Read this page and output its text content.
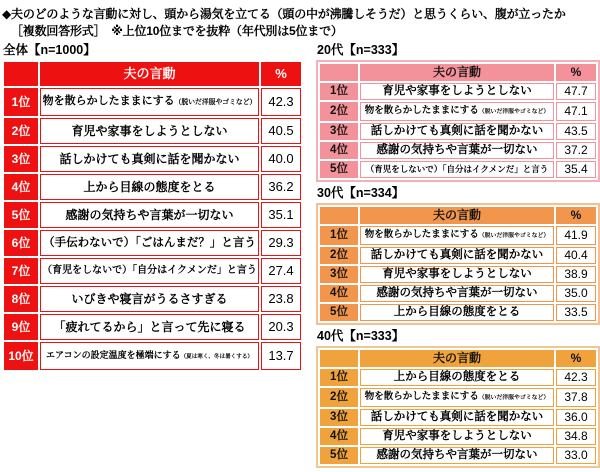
◆夫のどのような言動に対し、頭から湯気を立てる（頭の中が沸騰しそうだ）と思うくらい、腹が立ったか
［複数回答形式］　※上位10位までを抜粋（年代別は5位まで）
全体【n=1000】
	夫の言動	%
1位	物を散らかしたままにする（脱いだ洋服やゴミなど）	42.3
2位	育児や家事をしようとしない	40.5
3位	話しかけても真剣に話を聞かない	40.0
4位	上から目線の態度をとる	36.2
5位	感謝の気持ちや言葉が一切ない	35.1
6位	（手伝わないで）「ごはんまだ？」と言う	29.3
7位	（育児をしないで）「自分はイクメンだ」と言う	27.4
8位	いびきや寝言がうるさすぎる	23.8
9位	「疲れてるから」と言って先に寝る	20.3
10位	エアコンの設定温度を極端にする（夏は寒く、冬は暑くする）	13.7
20代【n=333】
	夫の言動	%
1位	育児や家事をしようとしない	47.7
2位	物を散らかしたままにする（脱いだ洋服やゴミなど）	47.1
3位	話しかけても真剣に話を聞かない	43.5
4位	感謝の気持ちや言葉が一切ない	37.2
5位	（育児をしないで）「自分はイクメンだ」と言う	35.4
30代【n=334】
	夫の言動	%
1位	物を散らかしたままにする（脱いだ洋服やゴミなど）	41.9
2位	話しかけても真剣に話を聞かない	40.4
3位	育児や家事をしようとしない	38.9
4位	感謝の気持ちや言葉が一切ない	35.0
5位	上から目線の態度をとる	33.5
40代【n=333】
	夫の言動	%
1位	上から目線の態度をとる	42.3
2位	物を散らかしたままにする（脱いだ洋服やゴミなど）	37.8
3位	話しかけても真剣に話を聞かない	36.0
4位	育児や家事をしようとしない	34.8
5位	感謝の気持ちや言葉が一切ない	33.0
